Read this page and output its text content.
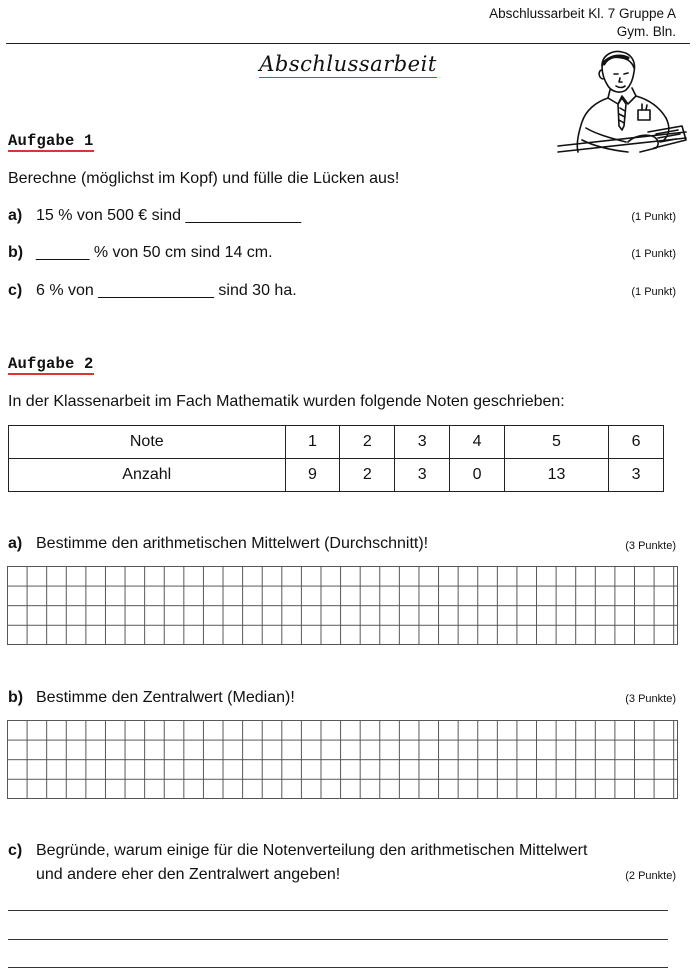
Abschlussarbeit Kl. 7 Gruppe A
Gym. Bln.
Abschlussarbeit
Aufgabe 1
Berechne (möglichst im Kopf) und fülle die Lücken aus!
a) 15 % von 500 € sind _____________	(1 Punkt)
b) ______ % von 50 cm sind 14 cm.	(1 Punkt)
c) 6 % von _____________ sind 30 ha.	(1 Punkt)
Aufgabe 2
In der Klassenarbeit im Fach Mathematik wurden folgende Noten geschrieben:
Note	1	2	3	4	5	6
Anzahl	9	2	3	0	13	3
a) Bestimme den arithmetischen Mittelwert (Durchschnitt)!	(3 Punkte)
b) Bestimme den Zentralwert (Median)!	(3 Punkte)
c) Begründe, warum einige für die Notenverteilung den arithmetischen Mittelwert
und andere eher den Zentralwert angeben!	(2 Punkte)
